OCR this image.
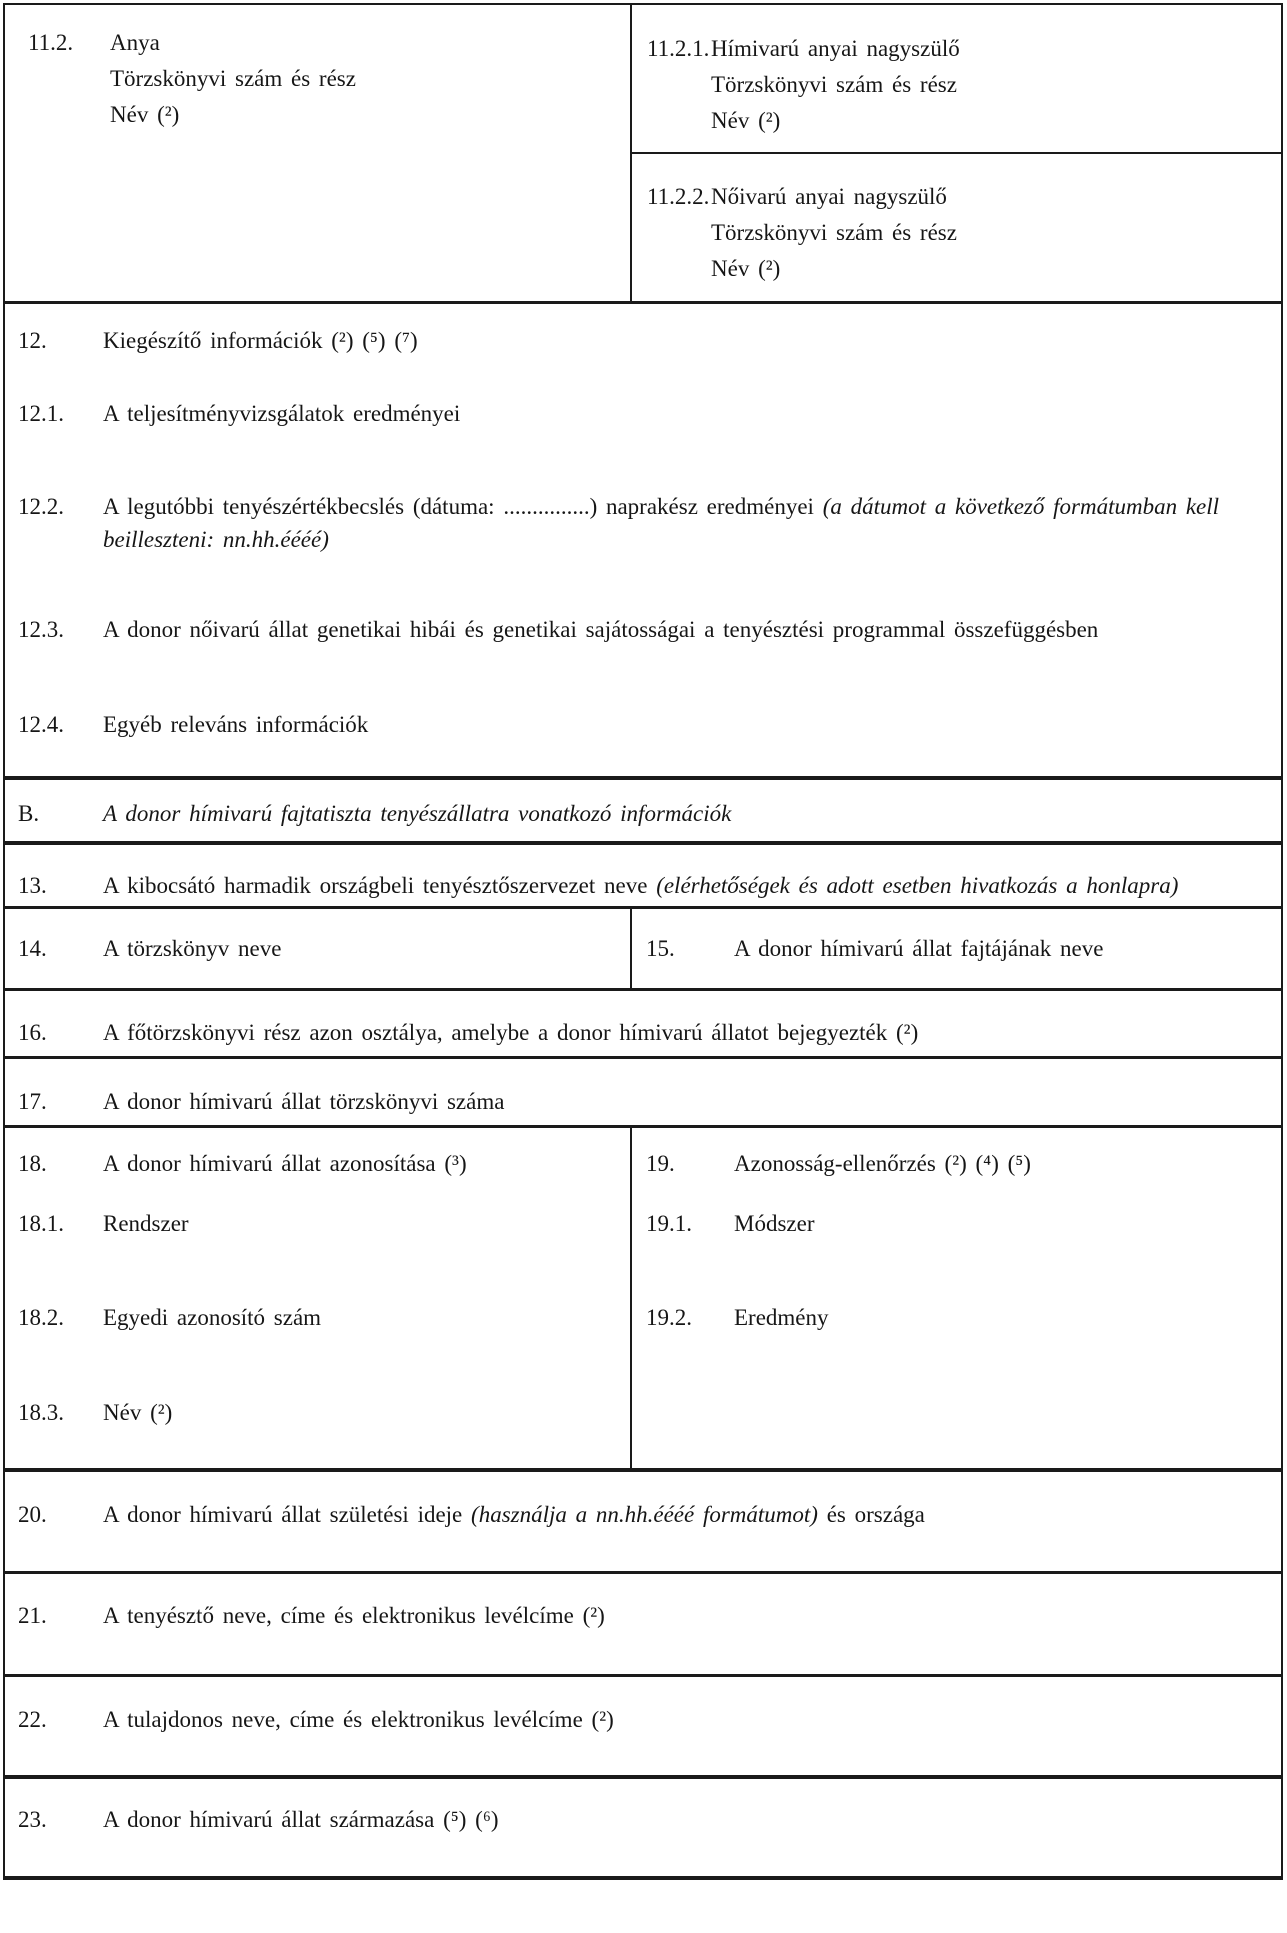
11.2.	Anya
Törzskönyvi szám és rész
Név (²)
11.2.1. Hímivarú anyai nagyszülő
Törzskönyvi szám és rész
Név (²)
11.2.2. Nőivarú anyai nagyszülő
Törzskönyvi szám és rész
Név (²)
12.	Kiegészítő információk (²) (⁵) (⁷)
12.1.	A teljesítményvizsgálatok eredményei
12.2.	A legutóbbi tenyészértékbecslés (dátuma: ...............) naprakész eredményei (a dátumot a következő formátumban kell beilleszteni: nn.hh.éééé)
12.3.	A donor nőivarú állat genetikai hibái és genetikai sajátosságai a tenyésztési programmal összefüggésben
12.4.	Egyéb releváns információk
B.	A donor hímivarú fajtatiszta tenyészállatra vonatkozó információk
13.	A kibocsátó harmadik országbeli tenyésztőszervezet neve (elérhetőségek és adott esetben hivatkozás a honlapra)
14.	A törzskönyv neve	15.	A donor hímivarú állat fajtájának neve
16.	A főtörzskönyvi rész azon osztálya, amelybe a donor hímivarú állatot bejegyezték (²)
17.	A donor hímivarú állat törzskönyvi száma
18.	A donor hímivarú állat azonosítása (³)	19.	Azonosság-ellenőrzés (²) (⁴) (⁵)
18.1.	Rendszer	19.1.	Módszer
18.2.	Egyedi azonosító szám	19.2.	Eredmény
18.3.	Név (²)
20.	A donor hímivarú állat születési ideje (használja a nn.hh.éééé formátumot) és országa
21.	A tenyésztő neve, címe és elektronikus levélcíme (²)
22.	A tulajdonos neve, címe és elektronikus levélcíme (²)
23.	A donor hímivarú állat származása (⁵) (⁶)
